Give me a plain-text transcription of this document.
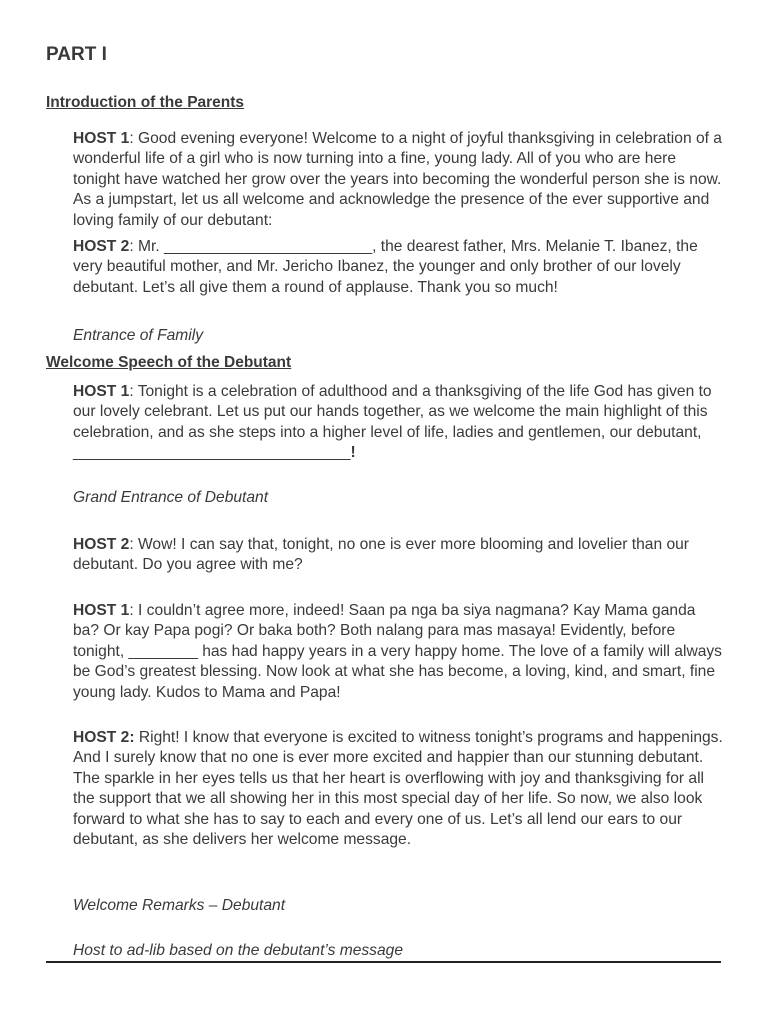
PART I
Introduction of the Parents

HOST 1: Good evening everyone! Welcome to a night of joyful thanksgiving in celebration of a wonderful life of a girl who is now turning into a fine, young lady. All of you who are here tonight have watched her grow over the years into becoming the wonderful person she is now. As a jumpstart, let us all welcome and acknowledge the presence of the ever supportive and loving family of our debutant:

HOST 2: Mr. ________________________, the dearest father, Mrs. Melanie T. Ibanez, the very beautiful mother, and Mr. Jericho Ibanez, the younger and only brother of our lovely debutant. Let’s all give them a round of applause. Thank you so much!

Entrance of Family

Welcome Speech of the Debutant

HOST 1: Tonight is a celebration of adulthood and a thanksgiving of the life God has given to our lovely celebrant. Let us put our hands together, as we welcome the main highlight of this celebration, and as she steps into a higher level of life, ladies and gentlemen, our debutant, ________________________________!

Grand Entrance of Debutant

HOST 2: Wow! I can say that, tonight, no one is ever more blooming and lovelier than our debutant. Do you agree with me?

HOST 1: I couldn’t agree more, indeed! Saan pa nga ba siya nagmana? Kay Mama ganda ba? Or kay Papa pogi? Or baka both? Both nalang para mas masaya! Evidently, before tonight, ________ has had happy years in a very happy home. The love of a family will always be God’s greatest blessing. Now look at what she has become, a loving, kind, and smart, fine young lady. Kudos to Mama and Papa!

HOST 2: Right! I know that everyone is excited to witness tonight’s programs and happenings. And I surely know that no one is ever more excited and happier than our stunning debutant. The sparkle in her eyes tells us that her heart is overflowing with joy and thanksgiving for all the support that we all showing her in this most special day of her life. So now, we also look forward to what she has to say to each and every one of us. Let’s all lend our ears to our debutant, as she delivers her welcome message.

Welcome Remarks – Debutant

Host to ad-lib based on the debutant’s message
